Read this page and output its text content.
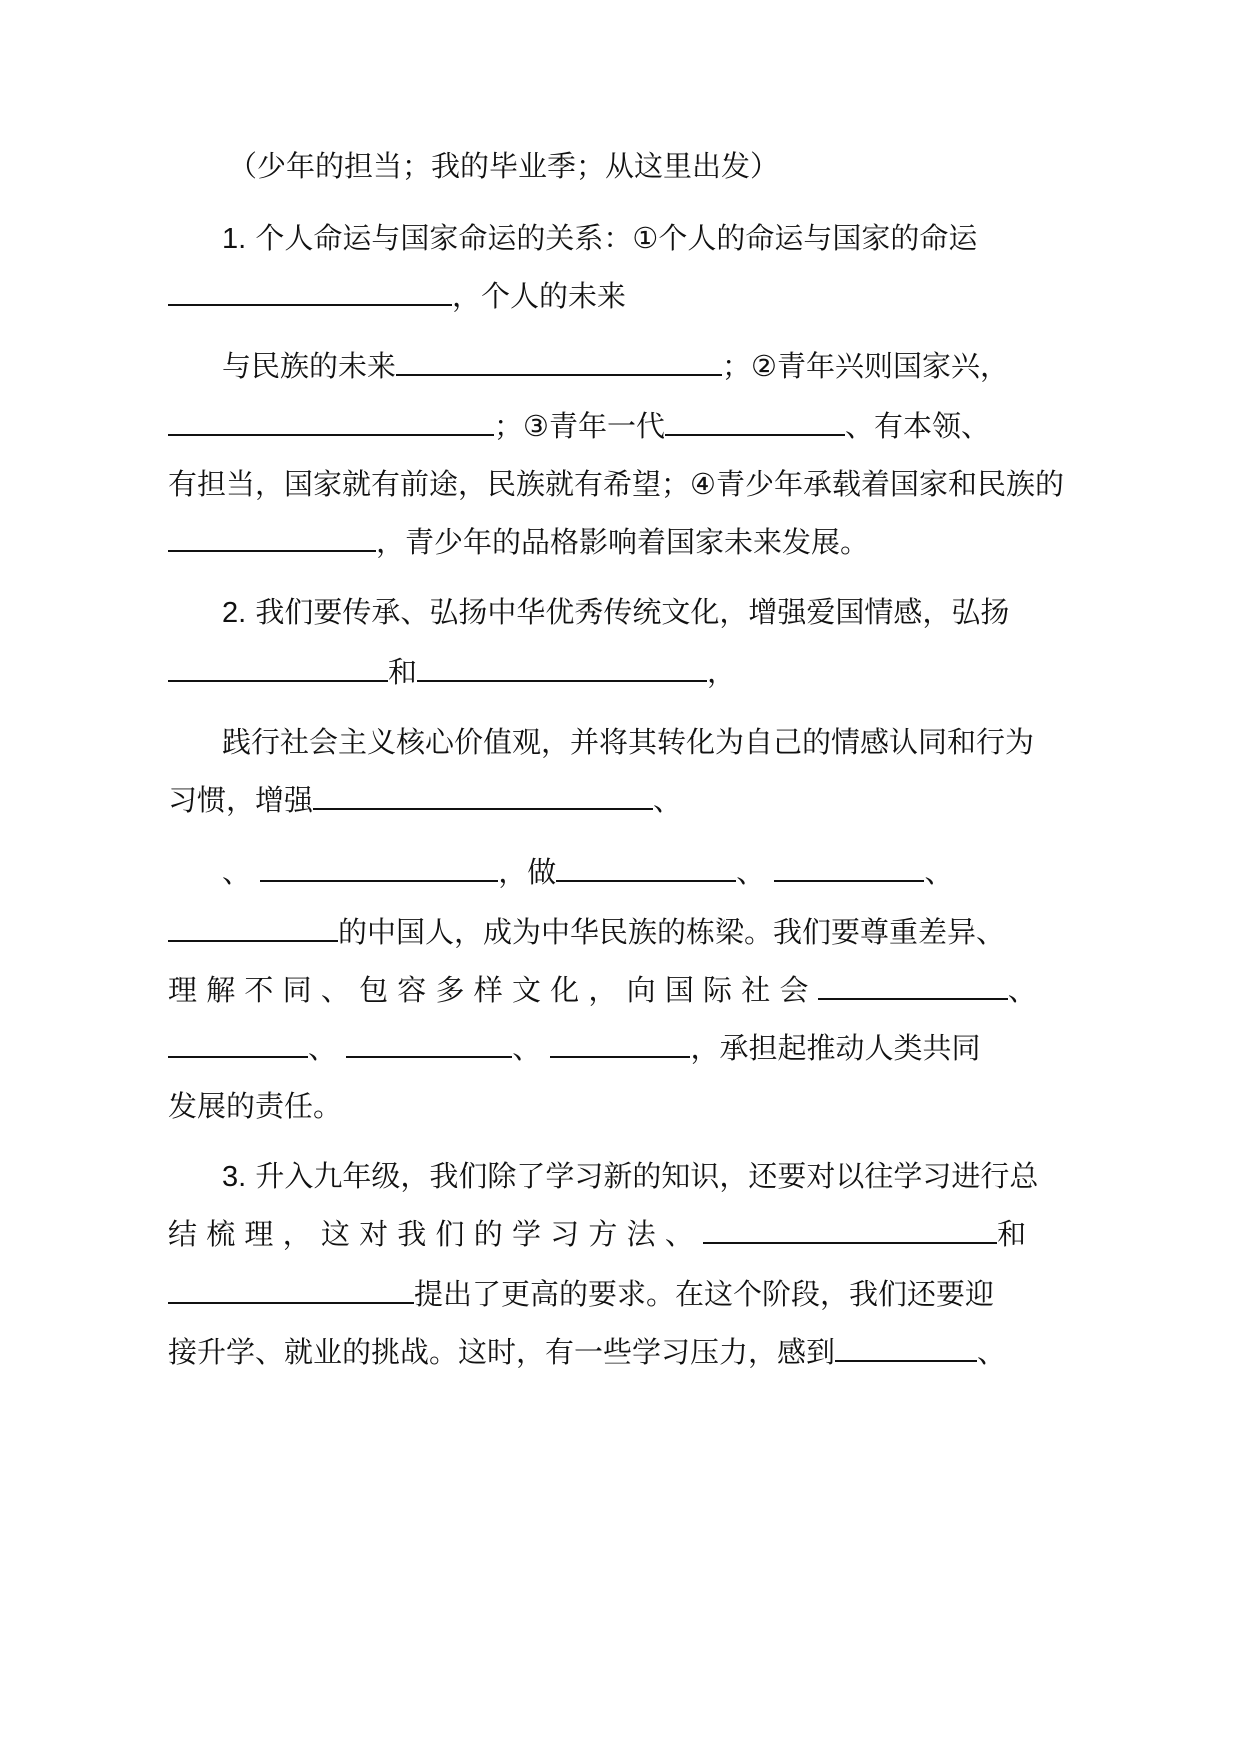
（少年的担当；我的毕业季；从这里出发）
1. 个人命运与国家命运的关系：①个人的命运与国家的命运
，个人的未来
与民族的未来	；②青年兴则国家兴，
；③青年一代	、有本领、
有担当，国家就有前途，民族就有希望；④青少年承载着国家和民族的
，青少年的品格影响着国家未来发展。
2. 我们要传承、弘扬中华优秀传统文化，增强爱国情感，弘扬
和	，
践行社会主义核心价值观，并将其转化为自己的情感认同和行为
习惯，增强	、
、	，做	、	、
的中国人，成为中华民族的栋梁。我们要尊重差异、
理 解 不 同 、 包 容 多 样 文 化 ， 向 国 际 社 会	、
、	、	，承担起推动人类共同
发展的责任。
3. 升入九年级，我们除了学习新的知识，还要对以往学习进行总
结 梳 理 ， 这 对 我 们 的 学 习 方 法 、	和
提出了更高的要求。在这个阶段，我们还要迎
接升学、就业的挑战。这时，有一些学习压力，感到	、
